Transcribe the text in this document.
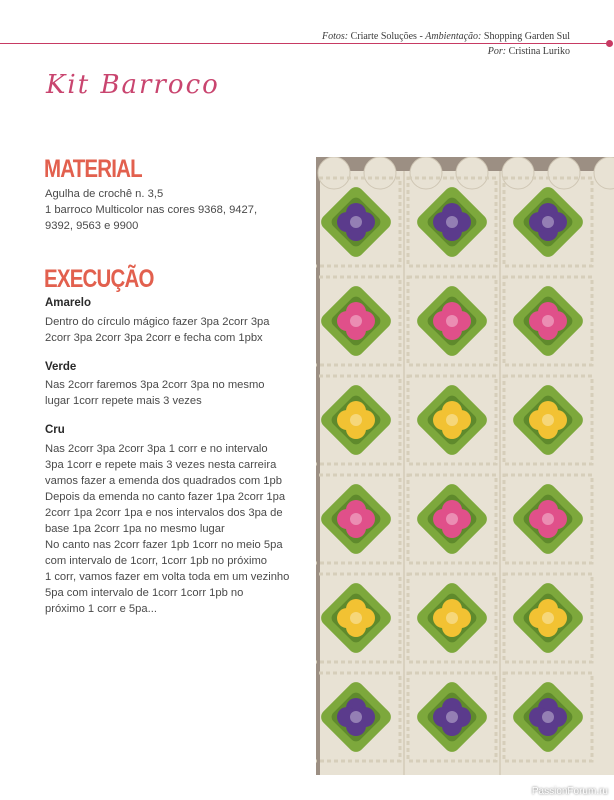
Fotos: Criarte Soluções - Ambientação: Shopping Garden Sul
Por: Cristina Luriko
Kit Barroco
MATERIAL
Agulha de crochê n. 3,5
1 barroco Multicolor nas cores 9368, 9427,
9392, 9563 e 9900
EXECUÇÃO
Amarelo
Dentro do círculo mágico fazer 3pa 2corr 3pa
2corr 3pa 2corr 3pa 2corr e fecha com 1pbx
Verde
Nas 2corr faremos 3pa 2corr 3pa no mesmo
lugar 1corr repete mais 3 vezes
Cru
Nas 2corr 3pa 2corr 3pa 1 corr e no intervalo
3pa 1corr e repete mais 3 vezes nesta carreira
vamos fazer a emenda dos quadrados com 1pb
Depois da emenda no canto fazer 1pa 2corr 1pa
2corr 1pa 2corr 1pa e nos intervalos dos 3pa de
base 1pa 2corr 1pa no mesmo lugar
No canto nas 2corr fazer 1pb 1corr no meio 5pa
com intervalo de 1corr, 1corr 1pb no próximo
1 corr, vamos fazer em volta toda em um vezinho
5pa com intervalo de 1corr 1corr 1pb no
próximo 1 corr e 5pa...
PassionForum.ru
